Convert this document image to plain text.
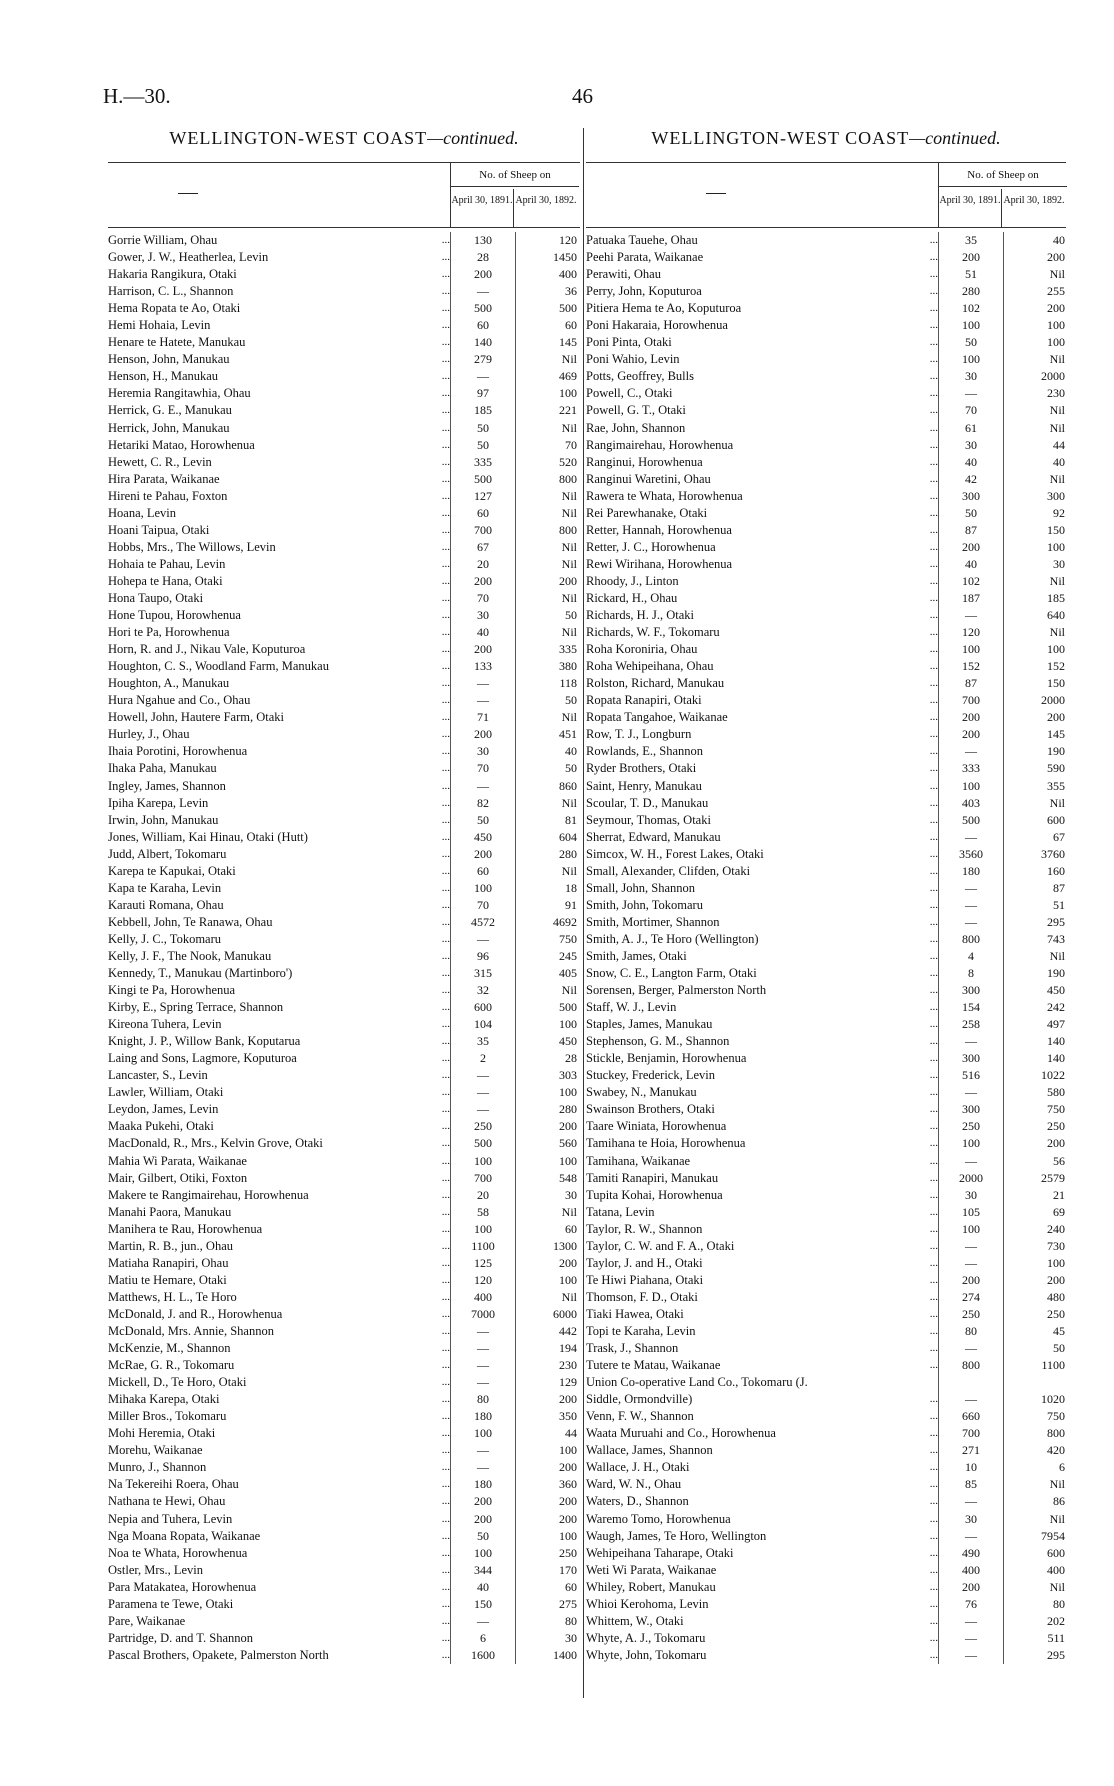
H.—30.	46
WELLINGTON-WEST COAST—continued.
No. of Sheep on
April 30, 1891. April 30, 1892.
Gorrie William, Ohau	...	130	120
Gower, J. W., Heatherlea, Levin	...	28	1450
Hakaria Rangikura, Otaki	...	200	400
Harrison, C. L., Shannon	...	—	36
Hema Ropata te Ao, Otaki	...	500	500
Hemi Hohaia, Levin	...	60	60
Henare te Hatete, Manukau	...	140	145
Henson, John, Manukau	...	279	Nil
Henson, H., Manukau	...	—	469
Heremia Rangitawhia, Ohau	...	97	100
Herrick, G. E., Manukau	...	185	221
Herrick, John, Manukau	...	50	Nil
Hetariki Matao, Horowhenua	...	50	70
Hewett, C. R., Levin	...	335	520
Hira Parata, Waikanae	...	500	800
Hireni te Pahau, Foxton	...	127	Nil
Hoana, Levin	...	60	Nil
Hoani Taipua, Otaki	...	700	800
Hobbs, Mrs., The Willows, Levin	...	67	Nil
Hohaia te Pahau, Levin	...	20	Nil
Hohepa te Hana, Otaki	...	200	200
Hona Taupo, Otaki	...	70	Nil
Hone Tupou, Horowhenua	...	30	50
Hori te Pa, Horowhenua	...	40	Nil
Horn, R. and J., Nikau Vale, Koputuroa	...	200	335
Houghton, C. S., Woodland Farm, Manukau	...	133	380
Houghton, A., Manukau	...	—	118
Hura Ngahue and Co., Ohau	...	—	50
Howell, John, Hautere Farm, Otaki	...	71	Nil
Hurley, J., Ohau	...	200	451
Ihaia Porotini, Horowhenua	...	30	40
Ihaka Paha, Manukau	...	70	50
Ingley, James, Shannon	...	—	860
Ipiha Karepa, Levin	...	82	Nil
Irwin, John, Manukau	...	50	81
Jones, William, Kai Hinau, Otaki (Hutt)	...	450	604
Judd, Albert, Tokomaru	...	200	280
Karepa te Kapukai, Otaki	...	60	Nil
Kapa te Karaha, Levin	...	100	18
Karauti Romana, Ohau	...	70	91
Kebbell, John, Te Ranawa, Ohau	...	4572	4692
Kelly, J. C., Tokomaru	...	—	750
Kelly, J. F., The Nook, Manukau	...	96	245
Kennedy, T., Manukau (Martinboro')	...	315	405
Kingi te Pa, Horowhenua	...	32	Nil
Kirby, E., Spring Terrace, Shannon	...	600	500
Kireona Tuhera, Levin	...	104	100
Knight, J. P., Willow Bank, Koputarua	...	35	450
Laing and Sons, Lagmore, Koputuroa	...	2	28
Lancaster, S., Levin	...	—	303
Lawler, William, Otaki	...	—	100
Leydon, James, Levin	...	—	280
Maaka Pukehi, Otaki	...	250	200
MacDonald, R., Mrs., Kelvin Grove, Otaki	...	500	560
Mahia Wi Parata, Waikanae	...	100	100
Mair, Gilbert, Otiki, Foxton	...	700	548
Makere te Rangimairehau, Horowhenua	...	20	30
Manahi Paora, Manukau	...	58	Nil
Manihera te Rau, Horowhenua	...	100	60
Martin, R. B., jun., Ohau	...	1100	1300
Matiaha Ranapiri, Ohau	...	125	200
Matiu te Hemare, Otaki	...	120	100
Matthews, H. L., Te Horo	...	400	Nil
McDonald, J. and R., Horowhenua	...	7000	6000
McDonald, Mrs. Annie, Shannon	...	—	442
McKenzie, M., Shannon	...	—	194
McRae, G. R., Tokomaru	...	—	230
Mickell, D., Te Horo, Otaki	...	—	129
Mihaka Karepa, Otaki	...	80	200
Miller Bros., Tokomaru	...	180	350
Mohi Heremia, Otaki	...	100	44
Morehu, Waikanae	...	—	100
Munro, J., Shannon	...	—	200
Na Tekereihi Roera, Ohau	...	180	360
Nathana te Hewi, Ohau	...	200	200
Nepia and Tuhera, Levin	...	200	200
Nga Moana Ropata, Waikanae	...	50	100
Noa te Whata, Horowhenua	...	100	250
Ostler, Mrs., Levin	...	344	170
Para Matakatea, Horowhenua	...	40	60
Paramena te Tewe, Otaki	...	150	275
Pare, Waikanae	...	—	80
Partridge, D. and T. Shannon	...	6	30
Pascal Brothers, Opakete, Palmerston North	...	1600	1400
WELLINGTON-WEST COAST—continued.
No. of Sheep on
April 30, 1891. April 30, 1892.
Patuaka Tauehe, Ohau	...	35	40
Peehi Parata, Waikanae	...	200	200
Perawiti, Ohau	...	51	Nil
Perry, John, Koputuroa	...	280	255
Pitiera Hema te Ao, Koputuroa	...	102	200
Poni Hakaraia, Horowhenua	...	100	100
Poni Pinta, Otaki	...	50	100
Poni Wahio, Levin	...	100	Nil
Potts, Geoffrey, Bulls	...	30	2000
Powell, C., Otaki	...	—	230
Powell, G. T., Otaki	...	70	Nil
Rae, John, Shannon	...	61	Nil
Rangimairehau, Horowhenua	...	30	44
Ranginui, Horowhenua	...	40	40
Ranginui Waretini, Ohau	...	42	Nil
Rawera te Whata, Horowhenua	...	300	300
Rei Parewhanake, Otaki	...	50	92
Retter, Hannah, Horowhenua	...	87	150
Retter, J. C., Horowhenua	...	200	100
Rewi Wirihana, Horowhenua	...	40	30
Rhoody, J., Linton	...	102	Nil
Rickard, H., Ohau	...	187	185
Richards, H. J., Otaki	...	—	640
Richards, W. F., Tokomaru	...	120	Nil
Roha Koroniria, Ohau	...	100	100
Roha Wehipeihana, Ohau	...	152	152
Rolston, Richard, Manukau	...	87	150
Ropata Ranapiri, Otaki	...	700	2000
Ropata Tangahoe, Waikanae	...	200	200
Row, T. J., Longburn	...	200	145
Rowlands, E., Shannon	...	—	190
Ryder Brothers, Otaki	...	333	590
Saint, Henry, Manukau	...	100	355
Scoular, T. D., Manukau	...	403	Nil
Seymour, Thomas, Otaki	...	500	600
Sherrat, Edward, Manukau	...	—	67
Simcox, W. H., Forest Lakes, Otaki	...	3560	3760
Small, Alexander, Clifden, Otaki	...	180	160
Small, John, Shannon	...	—	87
Smith, John, Tokomaru	...	—	51
Smith, Mortimer, Shannon	...	—	295
Smith, A. J., Te Horo (Wellington)	...	800	743
Smith, James, Otaki	...	4	Nil
Snow, C. E., Langton Farm, Otaki	...	8	190
Sorensen, Berger, Palmerston North	...	300	450
Staff, W. J., Levin	...	154	242
Staples, James, Manukau	...	258	497
Stephenson, G. M., Shannon	...	—	140
Stickle, Benjamin, Horowhenua	...	300	140
Stuckey, Frederick, Levin	...	516	1022
Swabey, N., Manukau	...	—	580
Swainson Brothers, Otaki	...	300	750
Taare Winiata, Horowhenua	...	250	250
Tamihana te Hoia, Horowhenua	...	100	200
Tamihana, Waikanae	...	—	56
Tamiti Ranapiri, Manukau	...	2000	2579
Tupita Kohai, Horowhenua	...	30	21
Tatana, Levin	...	105	69
Taylor, R. W., Shannon	...	100	240
Taylor, C. W. and F. A., Otaki	...	—	730
Taylor, J. and H., Otaki	...	—	100
Te Hiwi Piahana, Otaki	...	200	200
Thomson, F. D., Otaki	...	274	480
Tiaki Hawea, Otaki	...	250	250
Topi te Karaha, Levin	...	80	45
Trask, J., Shannon	...	—	50
Tutere te Matau, Waikanae	...	800	1100
Union Co-operative Land Co., Tokomaru (J.
Siddle, Ormondville)	...	—	1020
Venn, F. W., Shannon	...	660	750
Waata Muruahi and Co., Horowhenua	...	700	800
Wallace, James, Shannon	...	271	420
Wallace, J. H., Otaki	...	10	6
Ward, W. N., Ohau	...	85	Nil
Waters, D., Shannon	...	—	86
Waremo Tomo, Horowhenua	...	30	Nil
Waugh, James, Te Horo, Wellington	...	—	7954
Wehipeihana Taharape, Otaki	...	490	600
Weti Wi Parata, Waikanae	...	400	400
Whiley, Robert, Manukau	...	200	Nil
Whioi Kerohoma, Levin	...	76	80
Whittem, W., Otaki	...	—	202
Whyte, A. J., Tokomaru	...	—	511
Whyte, John, Tokomaru	...	—	295
